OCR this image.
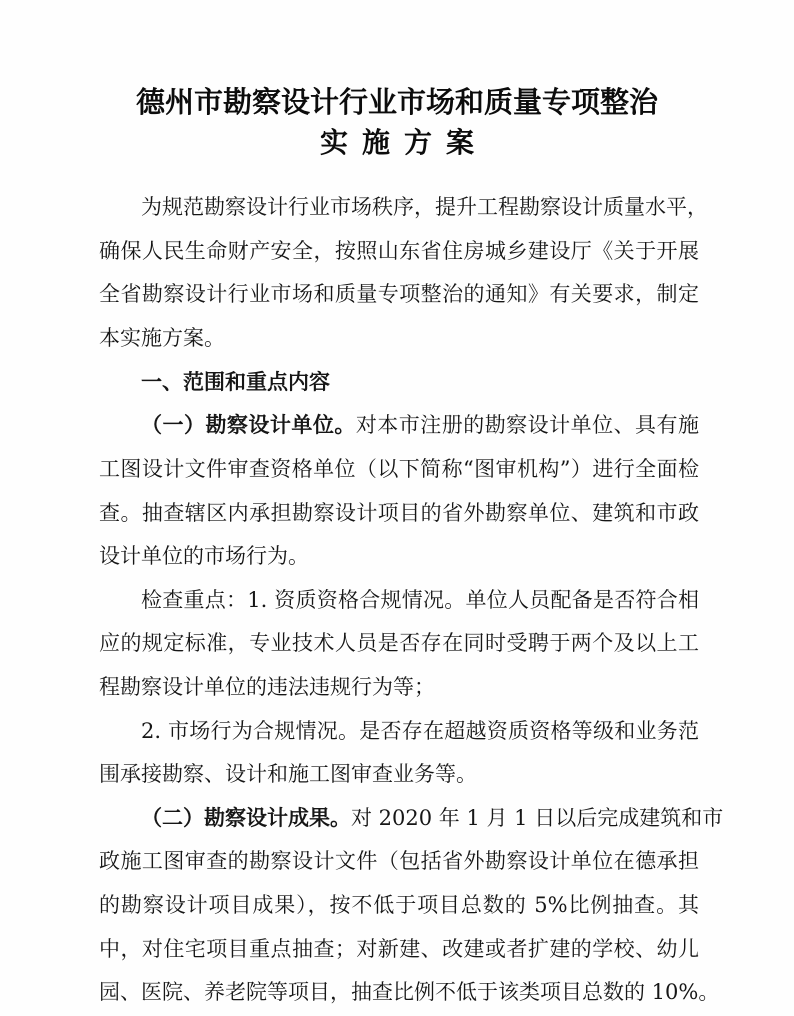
德州市勘察设计行业市场和质量专项整治
实施方案
为规范勘察设计行业市场秩序，提升工程勘察设计质量水平，
确保人民生命财产安全，按照山东省住房城乡建设厅《关于开展
全省勘察设计行业市场和质量专项整治的通知》有关要求，制定
本实施方案。
一、范围和重点内容
（一）勘察设计单位。对本市注册的勘察设计单位、具有施
工图设计文件审查资格单位（以下简称“图审机构”）进行全面检
查。抽查辖区内承担勘察设计项目的省外勘察单位、建筑和市政
设计单位的市场行为。
检查重点：1. 资质资格合规情况。单位人员配备是否符合相
应的规定标准，专业技术人员是否存在同时受聘于两个及以上工
程勘察设计单位的违法违规行为等；
2. 市场行为合规情况。是否存在超越资质资格等级和业务范
围承接勘察、设计和施工图审查业务等。
（二）勘察设计成果。对 2020 年 1 月 1 日以后完成建筑和市
政施工图审查的勘察设计文件（包括省外勘察设计单位在德承担
的勘察设计项目成果），按不低于项目总数的 5%比例抽查。其
中，对住宅项目重点抽查；对新建、改建或者扩建的学校、幼儿
园、医院、养老院等项目，抽查比例不低于该类项目总数的 10%。
